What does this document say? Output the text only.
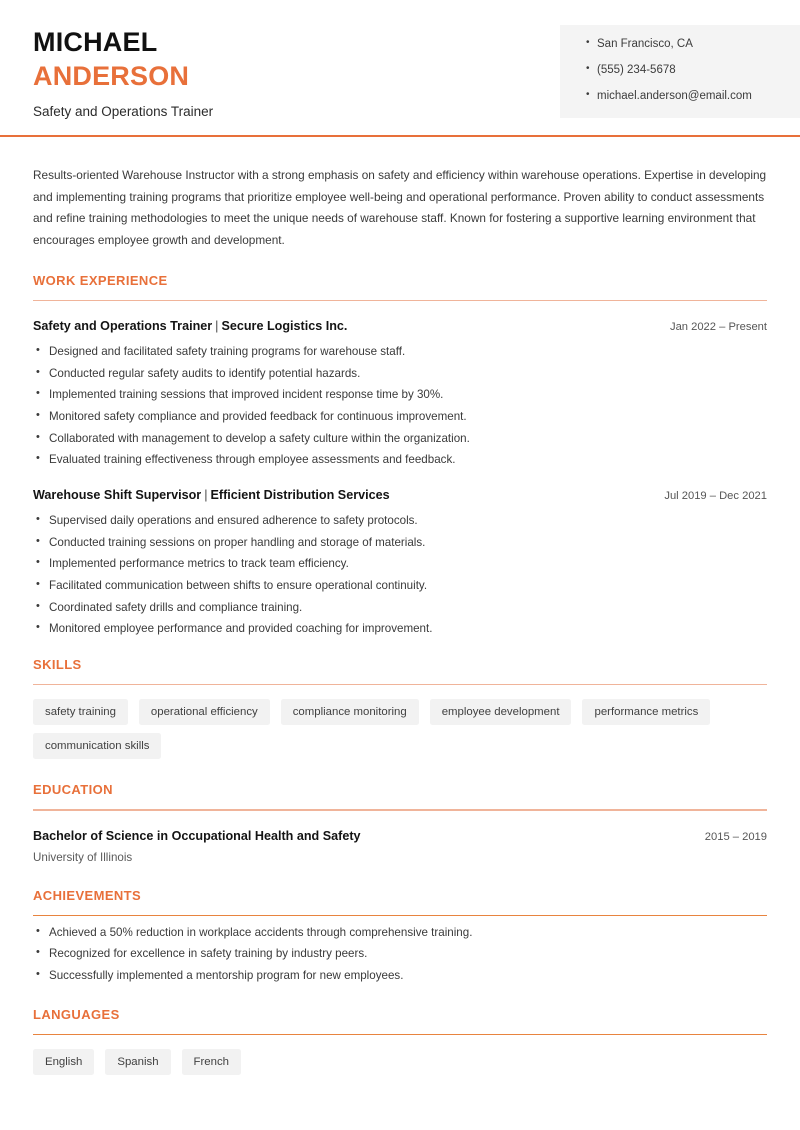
MICHAEL
ANDERSON
Safety and Operations Trainer
• San Francisco, CA
• (555) 234-5678
• michael.anderson@email.com
Results-oriented Warehouse Instructor with a strong emphasis on safety and efficiency within warehouse operations. Expertise in developing and implementing training programs that prioritize employee well-being and operational performance. Proven ability to conduct assessments and refine training methodologies to meet the unique needs of warehouse staff. Known for fostering a supportive learning environment that encourages employee growth and development.
WORK EXPERIENCE
Safety and Operations Trainer | Secure Logistics Inc.	Jan 2022 – Present
• Designed and facilitated safety training programs for warehouse staff.
• Conducted regular safety audits to identify potential hazards.
• Implemented training sessions that improved incident response time by 30%.
• Monitored safety compliance and provided feedback for continuous improvement.
• Collaborated with management to develop a safety culture within the organization.
• Evaluated training effectiveness through employee assessments and feedback.
Warehouse Shift Supervisor | Efficient Distribution Services	Jul 2019 – Dec 2021
• Supervised daily operations and ensured adherence to safety protocols.
• Conducted training sessions on proper handling and storage of materials.
• Implemented performance metrics to track team efficiency.
• Facilitated communication between shifts to ensure operational continuity.
• Coordinated safety drills and compliance training.
• Monitored employee performance and provided coaching for improvement.
SKILLS
safety training	operational efficiency	compliance monitoring	employee development	performance metrics
communication skills
EDUCATION
Bachelor of Science in Occupational Health and Safety	2015 – 2019
University of Illinois
ACHIEVEMENTS
• Achieved a 50% reduction in workplace accidents through comprehensive training.
• Recognized for excellence in safety training by industry peers.
• Successfully implemented a mentorship program for new employees.
LANGUAGES
English	Spanish	French
